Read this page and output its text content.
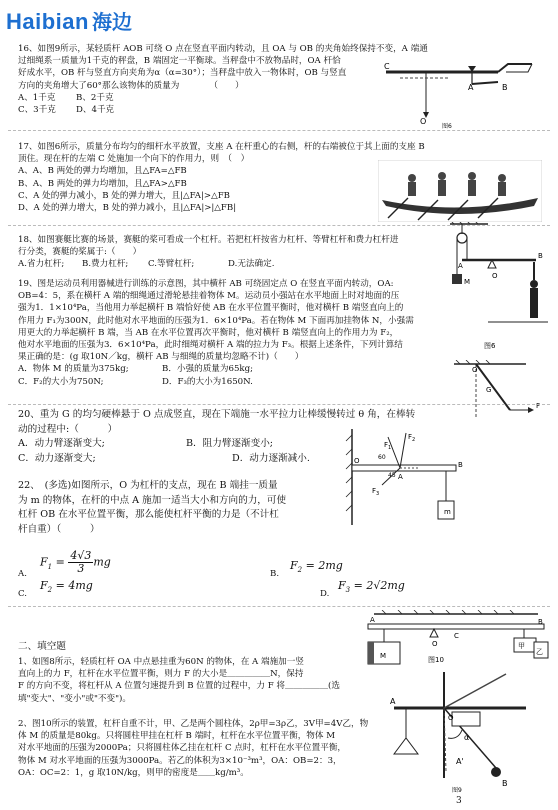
Haibian 海边

16、如图9所示，某轻质杆 AOB 可绕 O 点在竖直平面内转动，且 OA 与 OB 的夹角始终保持不变，A 端通

过细绳系一质量为1千克的秤盘，B 端固定一平衡球。当秤盘中不放物品时，OA 杆恰

好成水平，OB 杆与竖直方向夹角为α（α=30°）；当秤盘中放入一物体时，OB 与竖直

方向的夹角增大了60°那么该物体的质量为　　　　（　　）

A、1千克	B、2千克
C、3千克	D、4千克
C
A	B
O
图6

17、如图6所示，质量分布均匀的细杆水平放置，支座 A 在杆重心的右侧，杆的右端被位于其上面的支座 B

顶住。现在杆的左端 C 处施加一个向下的作用力，则　（　）

A、A、B 两处的弹力均增加，且△FA=△FB

B、A、B 两处的弹力均增加，且△FA>△FB

C、A 处的弹力减小，B 处的弹力增大，且|△FA|>△FB

D、A 处的弹力增大，B 处的弹力减小，且|△FA|>|△FB|

18、如图赛艇比赛的场景，赛艇的桨可看成一个杠杆。若把杠杆按省力杠杆、等臂杠杆和费力杠杆进

行分类，赛艇的桨属于:（　　）

A.省力杠杆;	B.费力杠杆;	C.等臂杠杆;	D.无法确定.

19、图是运动员利用器械进行训练的示意图，其中横杆 AB 可绕固定点 O 在竖直平面内转动，OA:

OB=4：5，系在横杆 A 端的细绳通过滑轮悬挂着物体 M。运动员小强站在水平地面上时对地面的压

强为1．1×10⁴Pa，当他用力举起横杆 B 端恰好使 AB 在水平位置平衡时，他对横杆 B 端竖直向上的

作用力 F₁为300N，此时他对水平地面的压强为1．6×10⁴Pa。若在物体 M 下面再加挂物体 N，小强需

用更大的力举起横杆 B 端，当 AB 在水平位置再次平衡时，他对横杆 B 端竖直向上的作用力为 F₂，

他对水平地面的压强为3．6×10⁴Pa，此时细绳对横杆 A 端的拉力为 F₃。根据上述条件，下列计算结

果正确的是：(g 取10N／kg，横杆 AB 与细绳的质量均忽略不计)（　　）

A．物体 M 的质量为375kg;	B．小强的质量为65kg;
C．F₂的大小为750N;	D．F₃的大小为1650N.
A
O
B
M
图6
O
G
F

20、重为 G 的均匀硬棒悬于 O 点成竖直，现在下端施一水平拉力让棒缓慢转过 θ 角，在棒转

动的过程中:（　　　）

A．动力臂逐渐变大;	B．阻力臂逐渐变小;
C．动力逐渐变大;	D．动力逐渐减小.

22、　(多选)如图所示，O 为杠杆的支点，现在 B 端挂一质量

为 m 的物体，在杆的中点 A 施加一适当大小和方向的力，可使

杠杆 OB 在水平位置平衡，那么能使杠杆平衡的力是（不计杠

杆自重）（　　　）

$F_1$
$F_2$
$F_3$
O
A
B
m
60
45
A.
$F_1 = \frac{4√3}{3}$ mg
B.
$F_2 = 2mg$
C.
$F_2 = 4mg$
D.
$F_3 = 2√2mg$
A
O
C
B
M
甲
图10
乙
二、填空题

1、如图8所示，轻质杠杆 OA 中点悬挂重为60N 的物体，在 A 端施加一竖

直向上的力 F，杠杆在水平位置平衡，则力 F 的大小是＿＿＿＿＿N，保持

F 的方向不变，将杠杆从 A 位置匀速提升到 B 位置的过程中，力 F 将＿＿＿＿＿(选

填"变大"、"变小"或"不变")。

2、图10所示的装置，杠杆自重不计，甲、乙是两个圆柱体，2ρ甲=3ρ乙，3V甲=4V乙，物

体 M 的质量是80kg。只将圆柱甲挂在杠杆 B 端时，杠杆在水平位置平衡，物体 M

对水平地面的压强为2000Pa；只将圆柱体乙挂在杠杆 C 点时，杠杆在水平位置平衡，

物体 M 对水平地面的压强为3000Pa。若乙的体积为3×10⁻³m³，OA：OB=2：3，

OA：OC=2：1，g 取10N/kg，则甲的密度是＿＿kg/m³。

A
A'
B
O
α
图9
3
